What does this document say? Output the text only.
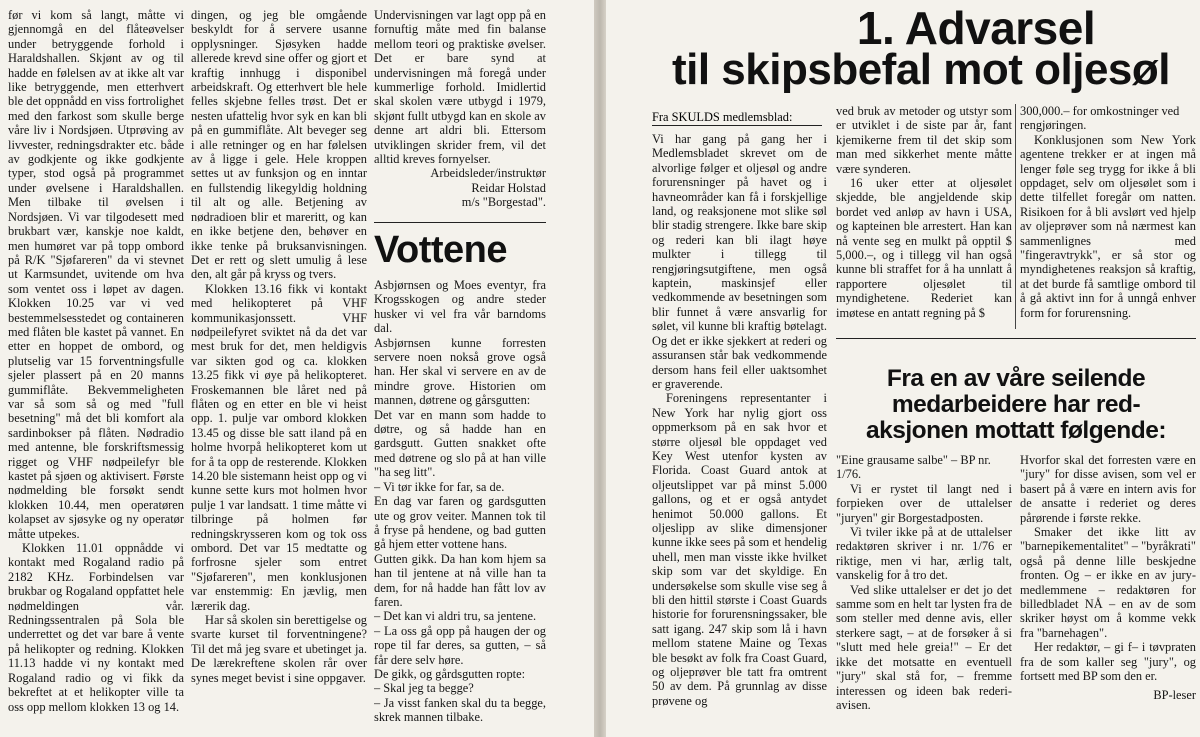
før vi kom så langt, måtte vi gjennomgå en del flåteøvelser under betryggende forhold i Haraldshallen. Skjønt av og til hadde en følelsen av at ikke alt var like betryggende, men etterhvert ble det oppnådd en viss fortrolighet med den farkost som skulle berge våre liv i Nordsjøen. Utprøving av livvester, redningsdrakter etc. både av godkjente og ikke godkjente typer, stod også på programmet under øvelsene i Haraldshallen. Men tilbake til øvelsen i Nordsjøen. Vi var tilgodesett med brukbart vær, kanskje noe kaldt, men humøret var på topp ombord på R/K "Sjøfareren" da vi stevnet ut Karmsundet, uvitende om hva som ventet oss i løpet av dagen. Klokken 10.25 var vi ved bestemmelsesstedet og containeren med flåten ble kastet på vannet. En etter en hoppet de ombord, og plutselig var 15 forventningsfulle sjeler plassert på en 20 manns gummiflåte. Bekvemmeligheten var så som så og med "full besetning" må det bli komfort ala sardinbokser på flåten. Nødradio med antenne, ble forskriftsmessig rigget og VHF nødpeilefyr ble kastet på sjøen og aktivisert. Første nødmelding ble forsøkt sendt klokken 10.44, men operatøren kolapset av sjøsyke og ny operatør måtte utpekes.

Klokken 11.01 oppnådde vi kontakt med Rogaland radio på 2182 KHz. Forbindelsen var brukbar og Rogaland oppfattet hele nødmeldingen vår. Redningssentralen på Sola ble underrettet og det var bare å vente på helikopter og redning. Klokken 11.13 hadde vi ny kontakt med Rogaland radio og vi fikk da bekreftet at et helikopter ville ta oss opp mellom klokken 13 og 14.

dingen, og jeg ble omgående beskyldt for å servere usanne opplysninger. Sjøsyken hadde allerede krevd sine offer og gjort et kraftig innhugg i disponibel arbeidskraft. Og etterhvert ble hele felles skjebne felles trøst. Det er nesten ufattelig hvor syk en kan bli på en gummiflåte. Alt beveger seg i alle retninger og en har følelsen av å ligge i gele. Hele kroppen settes ut av funksjon og en inntar en fullstendig likegyldig holdning til alt og alle. Betjening av nødradioen blir et mareritt, og kan en ikke betjene den, behøver en ikke tenke på bruksanvisningen. Det er rett og slett umulig å lese den, alt går på kryss og tvers.

Klokken 13.16 fikk vi kontakt med helikopteret på VHF kommunikasjonssett. VHF nødpeilefyret sviktet nå da det var mest bruk for det, men heldigvis var sikten god og ca. klokken 13.25 fikk vi øye på helikopteret. Froskemannen ble låret ned på flåten og en etter en ble vi heist opp. 1. pulje var ombord klokken 13.45 og disse ble satt iland på en holme hvorpå helikopteret kom ut for å ta opp de resterende. Klokken 14.20 ble sistemann heist opp og vi kunne sette kurs mot holmen hvor pulje 1 var landsatt. 1 time måtte vi tilbringe på holmen før redningskrysseren kom og tok oss ombord. Det var 15 medtatte og forfrosne sjeler som entret "Sjøfareren", men konklusjonen var enstemmig: En jævlig, men lærerik dag.

Har så skolen sin berettigelse og svarte kurset til forventningene? Til det må jeg svare et ubetinget ja. De lærekreftene skolen rår over synes meget bevist i sine oppgaver.

Undervisningen var lagt opp på en fornuftig måte med fin balanse mellom teori og praktiske øvelser. Det er bare synd at undervisningen må foregå under kummerlige forhold. Imidlertid skal skolen være utbygd i 1979, skjønt fullt utbygd kan en skole av denne art aldri bli. Ettersom utviklingen skrider frem, vil det alltid kreves fornyelser.

Arbeidsleder/instruktør
Reidar Holstad
m/s "Borgestad".
Vottene

Asbjørnsen og Moes eventyr, fra Krogsskogen og andre steder husker vi vel fra vår barndoms dal.

Asbjørnsen kunne forresten servere noen nokså grove også han. Her skal vi servere en av de mindre grove. Historien om mannen, døtrene og gårsgutten:

Det var en mann som hadde to døtre, og så hadde han en gardsgutt. Gutten snakket ofte med døtrene og slo på at han ville "ha seg litt".

– Vi tør ikke for far, sa de.

En dag var faren og gardsgutten ute og grov veiter. Mannen tok til å fryse på hendene, og bad gutten gå hjem etter vottene hans.

Gutten gikk. Da han kom hjem sa han til jentene at nå ville han ta dem, for nå hadde han fått lov av faren.

– Det kan vi aldri tru, sa jentene.

– La oss gå opp på haugen der og rope til far deres, sa gutten, – så får dere selv høre.

De gikk, og gårdsgutten ropte:

– Skal jeg ta begge?

– Ja visst fanken skal du ta begge, skrek mannen tilbake.

1. Advarsel
til skipsbefal mot oljesøl
Fra SKULDS medlemsblad:

Vi har gang på gang her i Medlemsbladet skrevet om de alvorlige følger et oljesøl og andre forurensninger på havet og i havneområder kan få i forskjellige land, og reaksjonene mot slike søl blir stadig strengere. Ikke bare skip og rederi kan bli ilagt høye mulkter i tillegg til rengjøringsutgiftene, men også kaptein, maskinsjef eller vedkommende av besetningen som blir funnet å være ansvarlig for sølet, vil kunne bli kraftig bøtelagt. Og det er ikke sjekkert at rederi og assuransen står bak vedkommende dersom hans feil eller uaktsomhet er graverende.

Foreningens representanter i New York har nylig gjort oss oppmerksom på en sak hvor et større oljesøl ble oppdaget ved Key West utenfor kysten av Florida. Coast Guard antok at oljeutslippet var på minst 5.000 gallons, og et er også antydet henimot 50.000 gallons. Et oljeslipp av slike dimensjoner kunne ikke sees på som et hendelig uhell, men man visste ikke hvilket skip som var det skyldige. En undersøkelse som skulle vise seg å bli den hittil største i Coast Guards historie for forurensningssaker, ble satt igang. 247 skip som lå i havn mellom statene Maine og Texas ble besøkt av folk fra Coast Guard, og oljeprøver ble tatt fra omtrent 50 av dem. På grunnlag av disse prøvene og

ved bruk av metoder og utstyr som er utviklet i de siste par år, fant kjemikerne frem til det skip som man med sikkerhet mente måtte være synderen.

16 uker etter at oljesølet skjedde, ble angjeldende skip bordet ved anløp av havn i USA, og kapteinen ble arrestert. Han kan nå vente seg en mulkt på opptil $ 5,000.–, og i tillegg vil han også kunne bli straffet for å ha unnlatt å rapportere oljesølet til myndighetene. Rederiet kan imøtese en antatt regning på $

300,000.– for omkostninger ved rengjøringen.

Konklusjonen som New York agentene trekker er at ingen må lenger føle seg trygg for ikke å bli oppdaget, selv om oljesølet som i dette tilfellet foregår om natten. Risikoen for å bli avslørt ved hjelp av oljeprøver som nå nærmest kan sammenlignes med "fingeravtrykk", er så stor og myndighetenes reaksjon så kraftig, at det burde få samtlige ombord til å gå aktivt inn for å unngå enhver form for forurensning.

Fra en av våre seilende
medarbeidere har red-
aksjonen mottatt følgende:

"Eine grausame salbe" – BP nr. 1/76.

Vi er rystet til langt ned i forpieken over de uttalelser "juryen" gir Borgestadposten.

Vi tviler ikke på at de uttalelser redaktøren skriver i nr. 1/76 er riktige, men vi har, ærlig talt, vanskelig for å tro det.

Ved slike uttalelser er det jo det samme som en helt tar lysten fra de som steller med denne avis, eller sterkere sagt, – at de forsøker å si "slutt med hele greia!" – Er det ikke det motsatte en eventuell "jury" skal stå for, – fremme interessen og ideen bak rederi-avisen.

Hvorfor skal det forresten være en "jury" for disse avisen, som vel er basert på å være en intern avis for de ansatte i rederiet og deres pårørende i første rekke.

Smaker det ikke litt av "barnepikementalitet" – "byråkrati" også på denne lille beskjedne fronten. Og – er ikke en av jury-medlemmene – redaktøren for billedbladet NÅ – en av de som skriker høyst om å komme vekk fra "barnehagen".

Her redaktør, – gi f– i tøvpraten fra de som kaller seg "jury", og fortsett med BP som den er.

BP-leser
